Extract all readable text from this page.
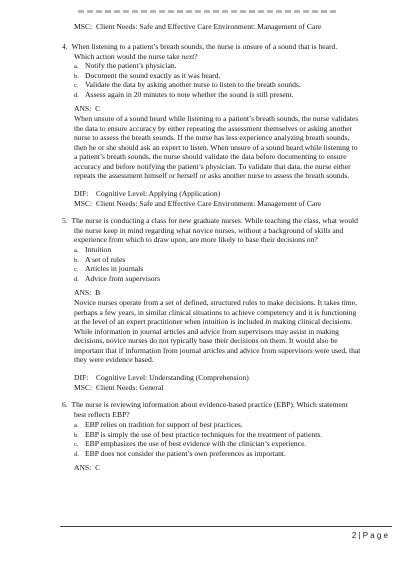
MSC:  Client Needs: Safe and Effective Care Environment: Management of Care
4.  When listening to a patient’s breath sounds, the nurse is unsure of a sound that is heard.
Which action would the nurse take next?
a. Notify the patient’s physician.
b. Document the sound exactly as it was heard.
c. Validate the data by asking another nurse to listen to the breath sounds.
d. Assess again in 20 minutes to note whether the sound is still present.
ANS:  C
When unsure of a sound heard while listening to a patient’s breath sounds, the nurse validates
the data to ensure accuracy by either repeating the assessment themselves or asking another
nurse to assess the breath sounds. If the nurse has less experience analyzing breath sounds,
then he or she should ask an expert to listen. When unsure of a sound heard while listening to
a patient’s breath sounds, the nurse should validate the data before documenting to ensure
accuracy and before notifying the patient’s physician. To validate that data, the nurse either
repeats the assessment himself or herself or asks another nurse to assess the breath sounds.
DIF:    Cognitive Level: Applying (Application)
MSC:  Client Needs: Safe and Effective Care Environment: Management of Care
5.  The nurse is conducting a class for new graduate nurses. While teaching the class, what would
the nurse keep in mind regarding what novice nurses, without a background of skills and
experience from which to draw upon, are more likely to base their decisions on?
a. Intuition
b. A set of rules
c. Articles in journals
d. Advice from supervisors
ANS:  B
Novice nurses operate from a set of defined, structured rules to make decisions. It takes time,
perhaps a few years, in similar clinical situations to achieve competency and it is functioning
at the level of an expert practitioner when intuition is included in making clinical decisions.
While information in journal articles and advice from supervisors may assist in making
decisions, novice nurses do not typically base their decisions on them. It would also be
important that if information from journal articles and advice from supervisors were used, that
they were evidence based.
DIF:    Cognitive Level: Understanding (Comprehension)
MSC:  Client Needs: General
6.  The nurse is reviewing information about evidence-based practice (EBP). Which statement
best reflects EBP?
a. EBP relies on tradition for support of best practices.
b. EBP is simply the use of best practice techniques for the treatment of patients.
c. EBP emphasizes the use of best evidence with the clinician’s experience.
d. EBP does not consider the patient’s own preferences as important.
ANS:  C
2 | P a g e
